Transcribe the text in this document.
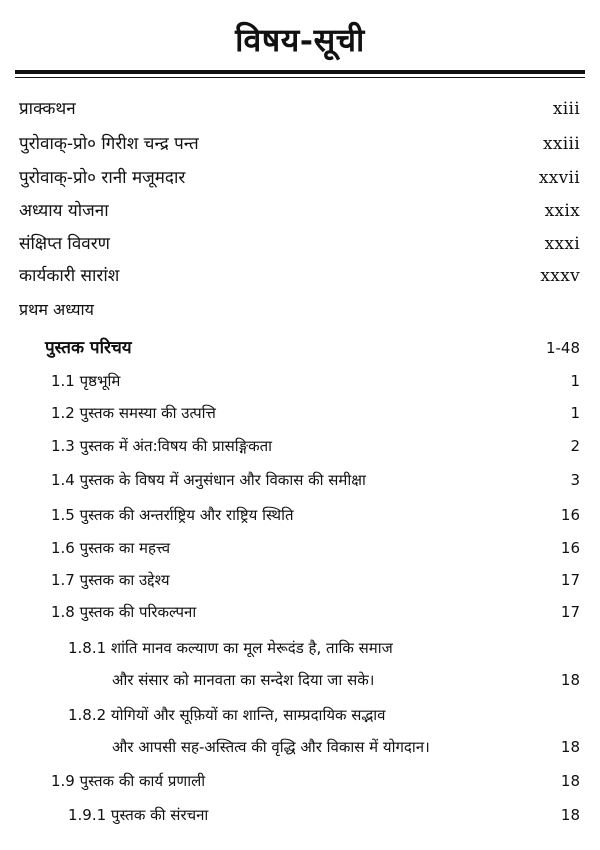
विषय-सूची
प्राक्कथन	xiii
पुरोवाक्-प्रो० गिरीश चन्द्र पन्त	xxiii
पुरोवाक्-प्रो० रानी मजूमदार	xxvii
अध्याय योजना	xxix
संक्षिप्त विवरण	xxxi
कार्यकारी सारांश	xxxv
प्रथम अध्याय
पुस्तक परिचय	1-48
1.1 पृष्ठभूमि	1
1.2 पुस्तक समस्या की उत्पत्ति	1
1.3 पुस्तक में अंत:विषय की प्रासङ्गिकता	2
1.4 पुस्तक के विषय में अनुसंधान और विकास की समीक्षा	3
1.5 पुस्तक की अन्तर्राष्ट्रिय और राष्ट्रिय स्थिति	16
1.6 पुस्तक का महत्त्व	16
1.7 पुस्तक का उद्देश्य	17
1.8 पुस्तक की परिकल्पना	17
1.8.1 शांति मानव कल्याण का मूल मेरूदंड है, ताकि समाज
और संसार को मानवता का सन्देश दिया जा सके।	18
1.8.2 योगियों और सूफ़ियों का शान्ति, साम्प्रदायिक सद्भाव
और आपसी सह-अस्तित्व की वृद्धि और विकास में योगदान।	18
1.9 पुस्तक की कार्य प्रणाली	18
1.9.1 पुस्तक की संरचना	18
